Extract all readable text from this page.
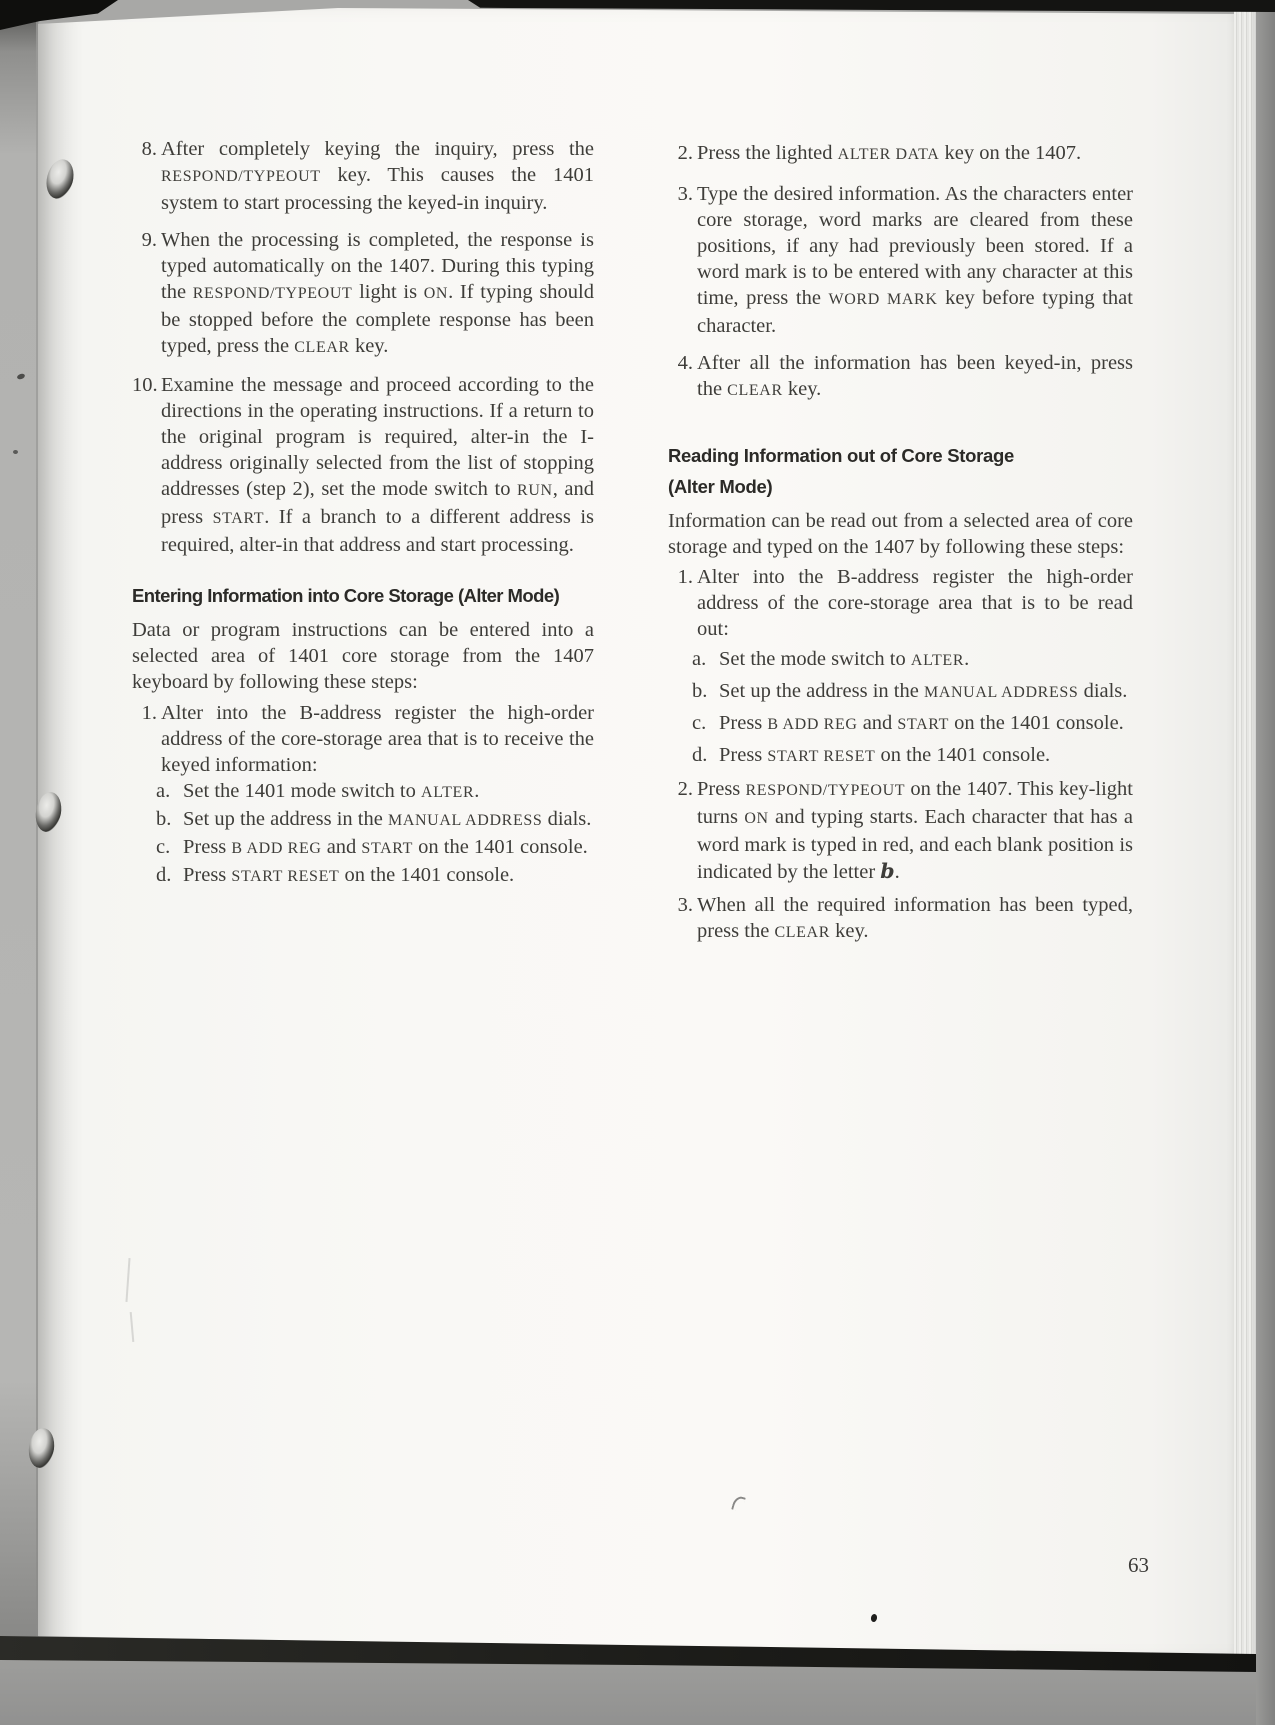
8. After completely keying the inquiry, press the RESPOND/TYPEOUT key. This causes the 1401 system to start processing the keyed-in inquiry.
9. When the processing is completed, the response is typed automatically on the 1407. During this typing the RESPOND/TYPEOUT light is ON. If typing should be stopped before the complete response has been typed, press the CLEAR key.
10. Examine the message and proceed according to the directions in the operating instructions. If a return to the original program is required, alter-in the I-address originally selected from the list of stopping addresses (step 2), set the mode switch to RUN, and press START. If a branch to a different address is required, alter-in that address and start processing.
Entering Information into Core Storage (Alter Mode)
Data or program instructions can be entered into a selected area of 1401 core storage from the 1407 keyboard by following these steps:
1. Alter into the B-address register the high-order address of the core-storage area that is to receive the keyed information:
a. Set the 1401 mode switch to ALTER.
b. Set up the address in the MANUAL ADDRESS dials.
c. Press B ADD REG and START on the 1401 console.
d. Press START RESET on the 1401 console.
2. Press the lighted ALTER DATA key on the 1407.
3. Type the desired information. As the characters enter core storage, word marks are cleared from these positions, if any had previously been stored. If a word mark is to be entered with any character at this time, press the WORD MARK key before typing that character.
4. After all the information has been keyed-in, press the CLEAR key.
Reading Information out of Core Storage (Alter Mode)
Information can be read out from a selected area of core storage and typed on the 1407 by following these steps:
1. Alter into the B-address register the high-order address of the core-storage area that is to be read out:
a. Set the mode switch to ALTER.
b. Set up the address in the MANUAL ADDRESS dials.
c. Press B ADD REG and START on the 1401 console.
d. Press START RESET on the 1401 console.
2. Press RESPOND/TYPEOUT on the 1407. This key-light turns ON and typing starts. Each character that has a word mark is typed in red, and each blank position is indicated by the letter b.
3. When all the required information has been typed, press the CLEAR key.
63
